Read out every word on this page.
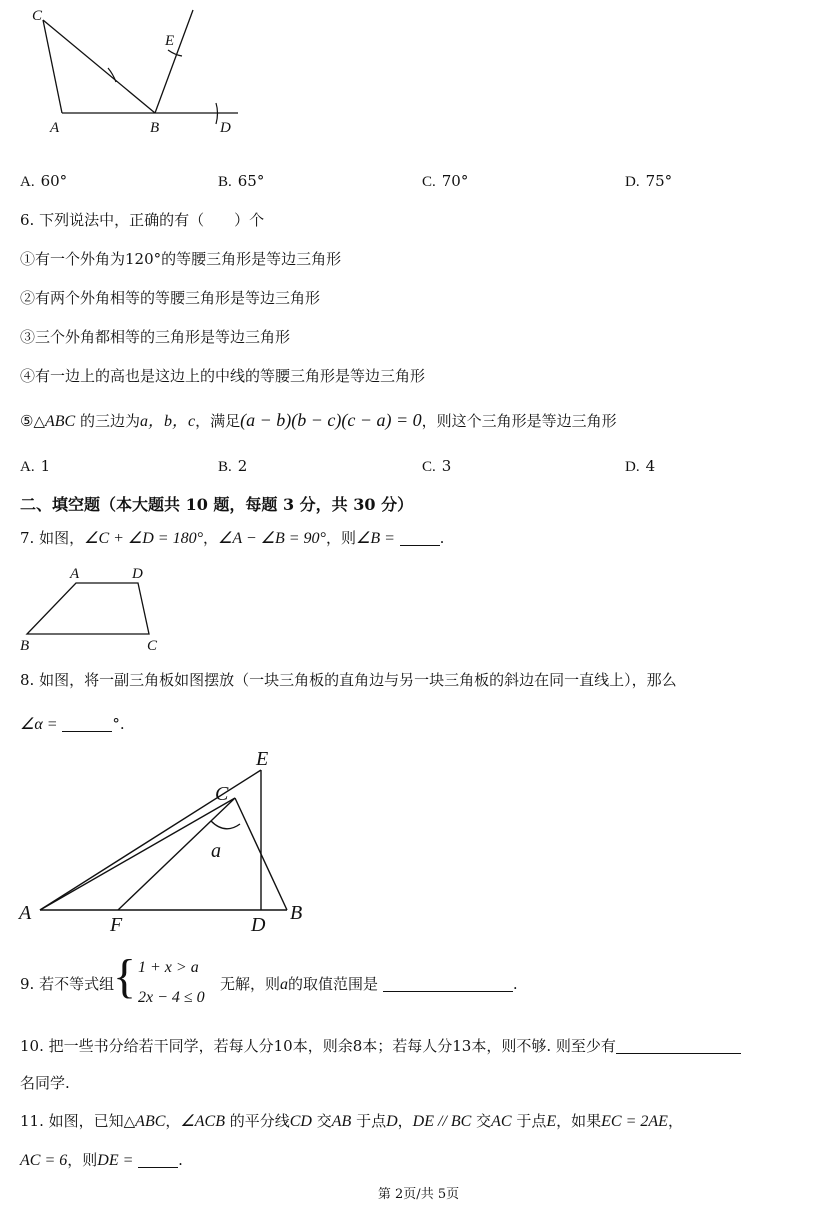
C
E
A	B	D
A. 60°	B. 65°	C. 70°	D. 75°
6. 下列说法中，正确的有（　　）个
①有一个外角为120°的等腰三角形是等边三角形
②有两个外角相等的等腰三角形是等边三角形
③三个外角都相等的三角形是等边三角形
④有一边上的高也是这边上的中线的等腰三角形是等边三角形
⑤△ABC 的三边为a，b，c，满足(a − b)(b − c)(c − a) = 0，则这个三角形是等边三角形
A. 1	B. 2	C. 3	D. 4
二、填空题（本大题共 10 题，每题 3 分，共 30 分）
7. 如图，∠C + ∠D = 180°，∠A − ∠B = 90°，则∠B =	.
A	D
B	C
8. 如图，将一副三角板如图摆放（一块三角板的直角边与另一块三角板的斜边在同一直线上），那么
∠α =	°.
E
C
a
A
F	D
B
9. 若不等式组
{ 1 + x > a
2x − 4 ≤ 0
无解，则a的取值范围是	.
10. 把一些书分给若干同学，若每人分10本，则余8本；若每人分13本，则不够. 则至少有
名同学.
11. 如图，已知△ABC，∠ACB 的平分线CD 交AB 于点D，DE // BC 交AC 于点E，如果EC = 2AE，
AC = 6，则DE =	.
第 2页/共 5页
